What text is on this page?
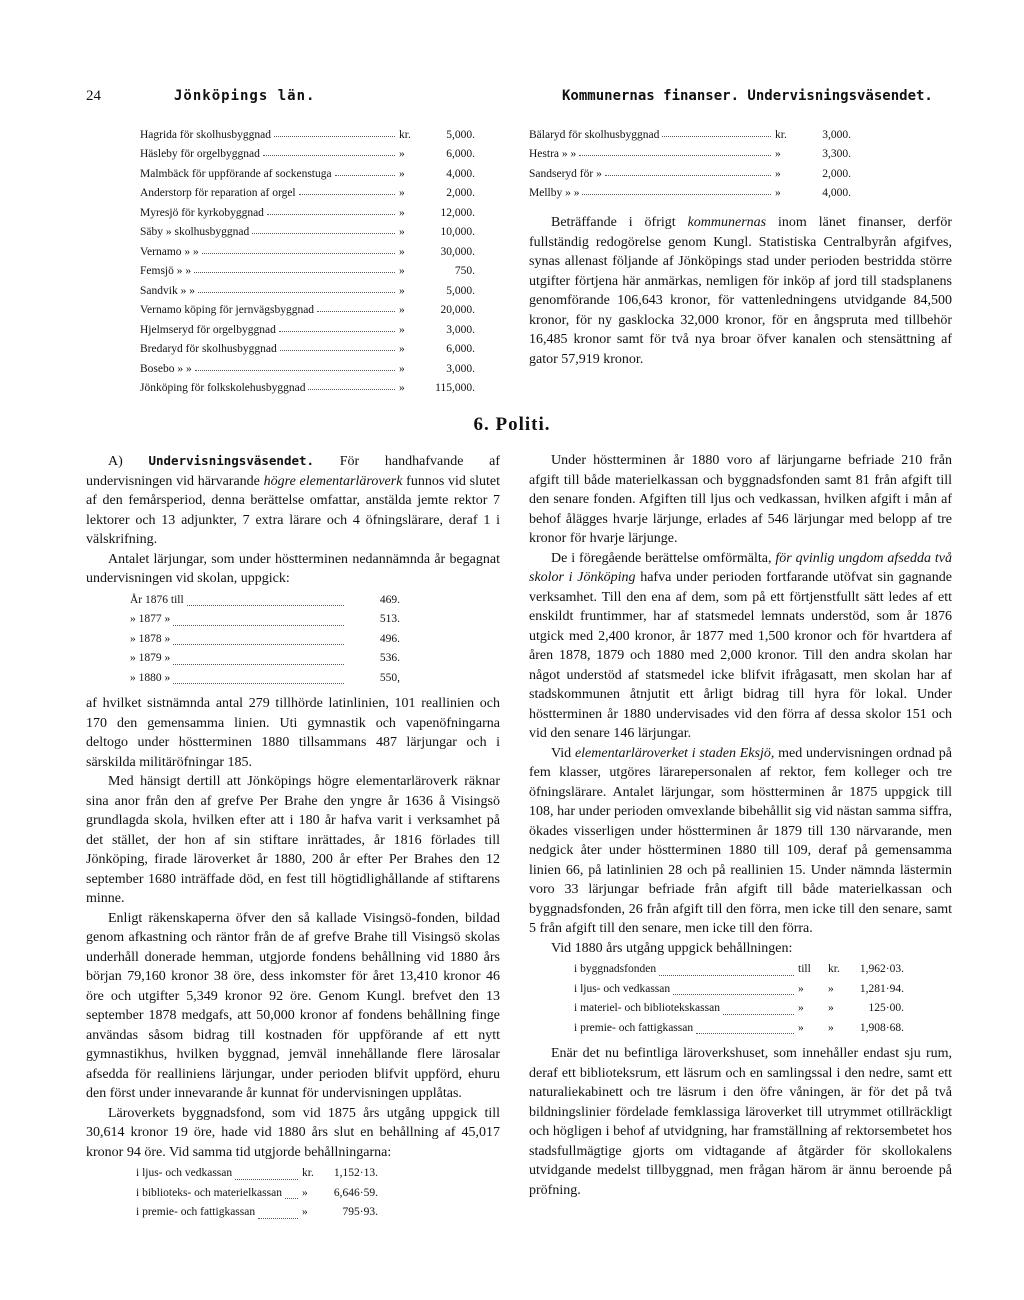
24	Jönköpings län.	Kommunernas finanser. Undervisningsväsendet.
Hagrida för skolhusbyggnad	kr.	5,000.
Häsleby för orgelbyggnad	»	6,000.
Malmbäck för uppförande af sockenstuga	»	4,000.
Anderstorp för reparation af orgel	»	2,000.
Myresjö för kyrkobyggnad	»	12,000.
Säby » skolhusbyggnad	»	10,000.
Vernamo » »	»	30,000.
Femsjö » »	»	750.
Sandvik » »	»	5,000.
Vernamo köping för jernvägsbyggnad	»	20,000.
Hjelmseryd för orgelbyggnad	»	3,000.
Bredaryd för skolhusbyggnad	»	6,000.
Bosebo » »	»	3,000.
Jönköping för folkskolehusbyggnad	»	115,000.
Bälaryd för skolhusbyggnad	kr.	3,000.
Hestra » »	»	3,300.
Sandseryd för »	»	2,000.
Mellby » »	»	4,000.

Beträffande i öfrigt kommunernas inom länet finanser, derför fullständig redogörelse genom Kungl. Statistiska Centralbyrån afgifves, synas allenast följande af Jönköpings stad under perioden bestridda större utgifter förtjena här anmärkas, nemligen för inköp af jord till stadsplanens genomförande 106,643 kronor, för vattenledningens utvidgande 84,500 kronor, för ny gasklocka 32,000 kronor, för en ångspruta med tillbehör 16,485 kronor samt för två nya broar öfver kanalen och stensättning af gator 57,919 kronor.

6. Politi.

A) Undervisningsväsendet. För handhafvande af undervisningen vid härvarande högre elementarläroverk funnos vid slutet af den femårsperiod, denna berättelse omfattar, anstälda jemte rektor 7 lektorer och 13 adjunkter, 7 extra lärare och 4 öfningslärare, deraf 1 i välskrifning.

Antalet lärjungar, som under höstterminen nedannämnda år begagnat undervisningen vid skolan, uppgick:

År 1876 till	469.
» 1877 »	513.
» 1878 »	496.
» 1879 »	536.
» 1880 »	550,

af hvilket sistnämnda antal 279 tillhörde latinlinien, 101 reallinien och 170 den gemensamma linien. Uti gymnastik och vapenöfningarna deltogo under höstterminen 1880 tillsammans 487 lärjungar och i särskilda militäröfningar 185.

Med hänsigt dertill att Jönköpings högre elementarläroverk räknar sina anor från den af grefve Per Brahe den yngre år 1636 å Visingsö grundlagda skola, hvilken efter att i 180 år hafva varit i verksamhet på det stället, der hon af sin stiftare inrättades, år 1816 förlades till Jönköping, firade läroverket år 1880, 200 år efter Per Brahes den 12 september 1680 inträffade död, en fest till högtidlighållande af stiftarens minne.

Enligt räkenskaperna öfver den så kallade Visingsö-fonden, bildad genom afkastning och räntor från de af grefve Brahe till Visingsö skolas underhåll donerade hemman, utgjorde fondens behållning vid 1880 års början 79,160 kronor 38 öre, dess inkomster för året 13,410 kronor 46 öre och utgifter 5,349 kronor 92 öre. Genom Kungl. brefvet den 13 september 1878 medgafs, att 50,000 kronor af fondens behållning finge användas såsom bidrag till kostnaden för uppförande af ett nytt gymnastikhus, hvilken byggnad, jemväl innehållande flere lärosalar afsedda för realliniens lärjungar, under perioden blifvit uppförd, ehuru den först under innevarande år kunnat för undervisningen upplåtas.

Läroverkets byggnadsfond, som vid 1875 års utgång uppgick till 30,614 kronor 19 öre, hade vid 1880 års slut en behållning af 45,017 kronor 94 öre. Vid samma tid utgjorde behållningarna:

i ljus- och vedkassan	kr.	1,152·13.
i biblioteks- och materielkassan »	6,646·59.
i premie- och fattigkassan	»	795·93.

Under höstterminen år 1880 voro af lärjungarne befriade 210 från afgift till både materielkassan och byggnadsfonden samt 81 från afgift till den senare fonden. Afgiften till ljus och vedkassan, hvilken afgift i mån af behof ålägges hvarje lärjunge, erlades af 546 lärjungar med belopp af tre kronor för hvarje lärjunge.

De i föregående berättelse omförmälta, för qvinlig ungdom afsedda två skolor i Jönköping hafva under perioden fortfarande utöfvat sin gagnande verksamhet. Till den ena af dem, som på ett förtjenstfullt sätt ledes af ett enskildt fruntimmer, har af statsmedel lemnats understöd, som år 1876 utgick med 2,400 kronor, år 1877 med 1,500 kronor och för hvartdera af åren 1878, 1879 och 1880 med 2,000 kronor. Till den andra skolan har något understöd af statsmedel icke blifvit ifrågasatt, men skolan har af stadskommunen åtnjutit ett årligt bidrag till hyra för lokal. Under höstterminen år 1880 undervisades vid den förra af dessa skolor 151 och vid den senare 146 lärjungar.

Vid elementarläroverket i staden Eksjö, med undervisningen ordnad på fem klasser, utgöres lärarepersonalen af rektor, fem kolleger och tre öfningslärare. Antalet lärjungar, som höstterminen år 1875 uppgick till 108, har under perioden omvexlande bibehållit sig vid nästan samma siffra, ökades visserligen under höstterminen år 1879 till 130 närvarande, men nedgick åter under höstterminen 1880 till 109, deraf på gemensamma linien 66, på latinlinien 28 och på reallinien 15. Under nämnda lästermin voro 33 lärjungar befriade från afgift till både materielkassan och byggnadsfonden, 26 från afgift till den förra, men icke till den senare, samt 5 från afgift till den senare, men icke till den förra.

Vid 1880 års utgång uppgick behållningen:

i byggnadsfonden	till	kr.	1,962·03.
i ljus- och vedkassan	»	»	1,281·94.
i materiel- och bibliotekskassan	»	»	125·00.
i premie- och fattigkassan	»	»	1,908·68.

Enär det nu befintliga läroverkshuset, som innehåller endast sju rum, deraf ett biblioteksrum, ett läsrum och en samlingssal i den nedre, samt ett naturaliekabinett och tre läsrum i den öfre våningen, är för det på två bildningslinier fördelade femklassiga läroverket till utrymmet otillräckligt och högligen i behof af utvidgning, har framställning af rektorsembetet hos stadsfullmägtige gjorts om vidtagande af åtgärder för skollokalens utvidgande medelst tillbyggnad, men frågan härom är ännu beroende på pröfning.
